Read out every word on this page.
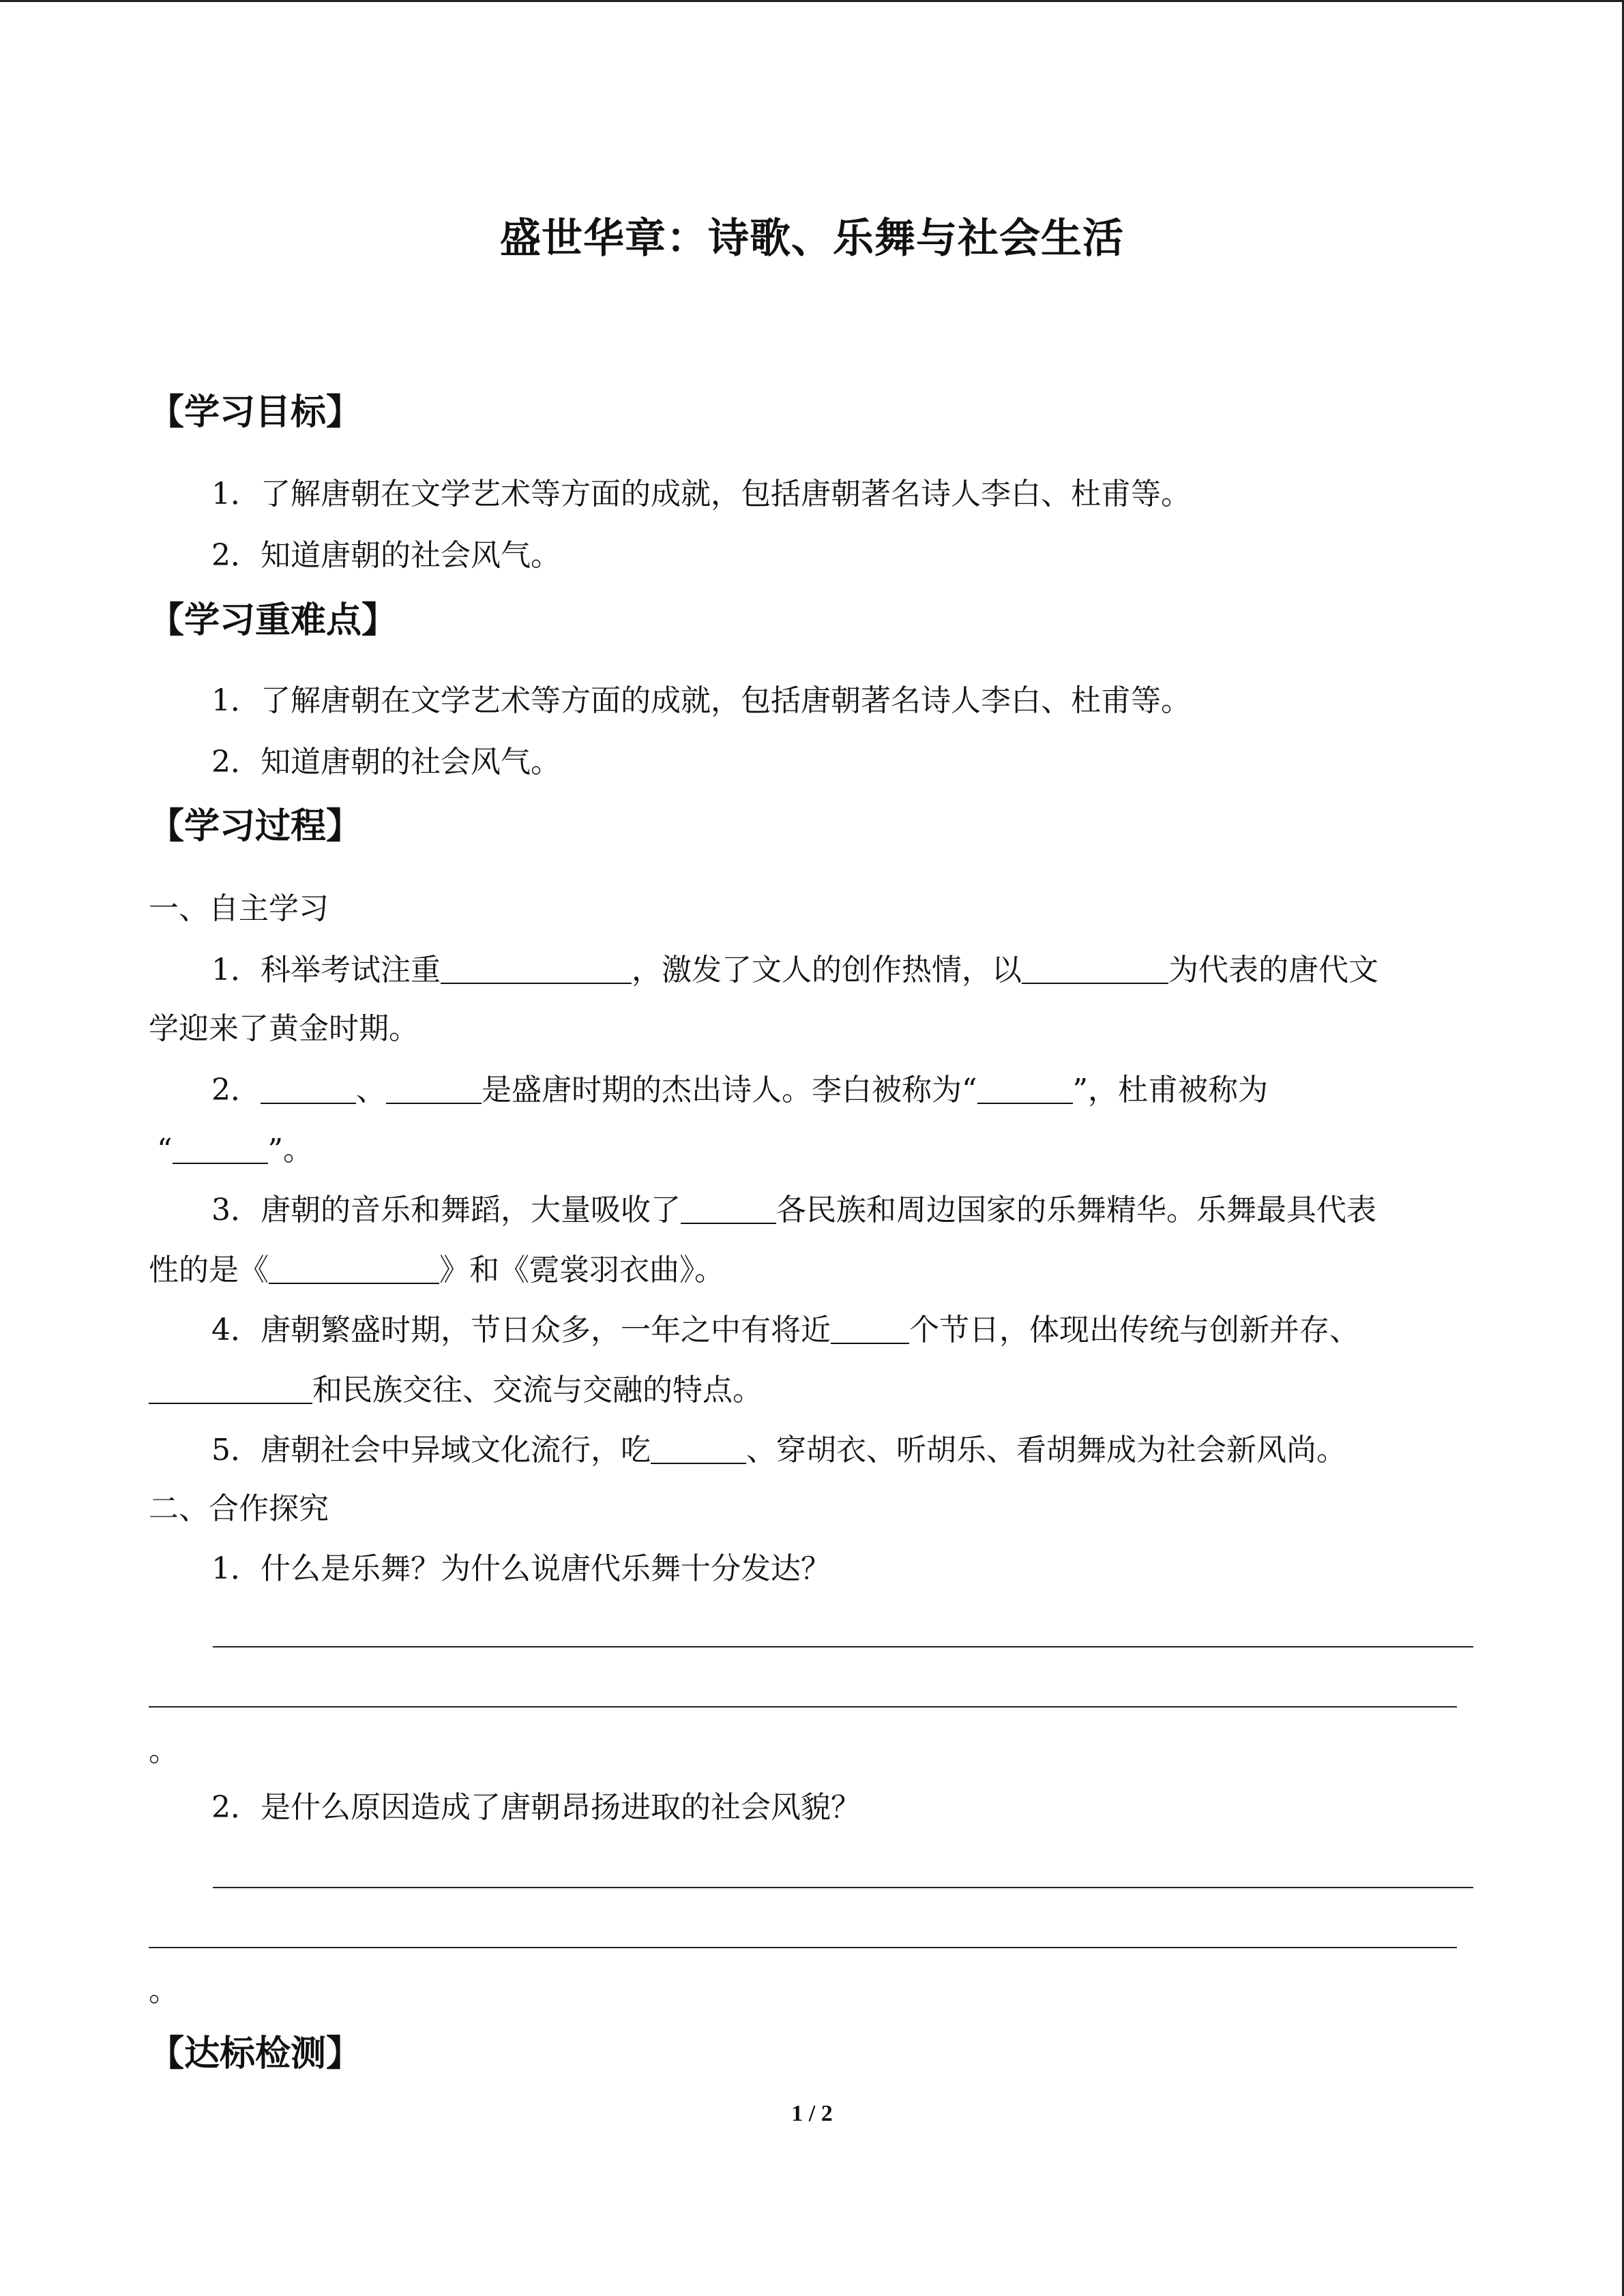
盛世华章：诗歌、乐舞与社会生活
【学习目标】
1．了解唐朝在文学艺术等方面的成就，包括唐朝著名诗人李白、杜甫等。
2．知道唐朝的社会风气。
【学习重难点】
1．了解唐朝在文学艺术等方面的成就，包括唐朝著名诗人李白、杜甫等。
2．知道唐朝的社会风气。
【学习过程】
一、自主学习
1．科举考试注重	，激发了文人的创作热情，以	为代表的唐代文
学迎来了黄金时期。
2．	、	是盛唐时期的杰出诗人。李白被称为“	”，杜甫被称为
“	”。
3．唐朝的音乐和舞蹈，大量吸收了	各民族和周边国家的乐舞精华。乐舞最具代表
性的是《	》和《霓裳羽衣曲》。
4．唐朝繁盛时期，节日众多，一年之中有将近	个节日，体现出传统与创新并存、
和民族交往、交流与交融的特点。
5．唐朝社会中异域文化流行，吃	、穿胡衣、听胡乐、看胡舞成为社会新风尚。
二、合作探究
1．什么是乐舞？为什么说唐代乐舞十分发达？
。
2．是什么原因造成了唐朝昂扬进取的社会风貌？
。
【达标检测】
1 / 2
